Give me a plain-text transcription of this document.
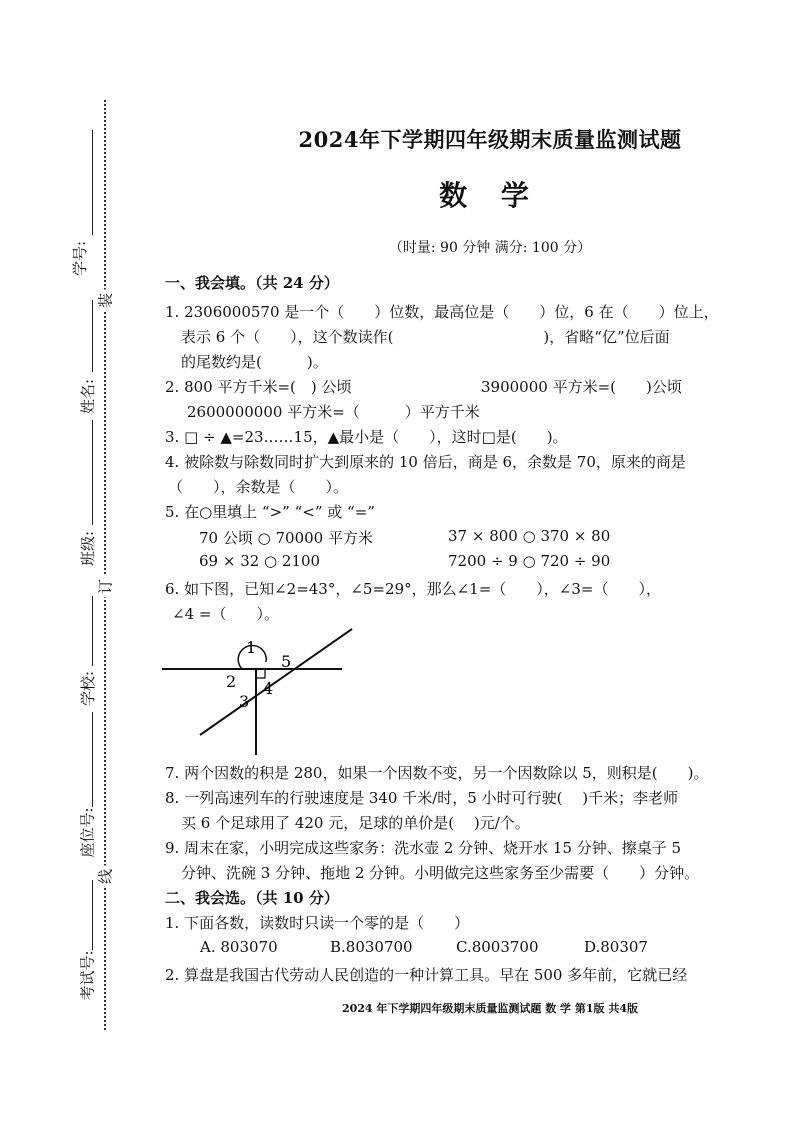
装
订
线
学号:
姓名:
班级:
学校:
座位号:
考试号:
2024年下学期四年级期末质量监测试题
数 学
（时量: 90 分钟 满分: 100 分）
一、我会填。（共 24 分）
1. 2306000570 是一个（　　）位数，最高位是（　　）位，6 在（　　）位上，
表示 6 个（　　），这个数读作(　　　　　　　　　　)，省略“亿”位后面
的尾数约是(　　　)。
2. 800 平方千米=(　) 公顷	3900000 平方米=(　　)公顷
2600000000 平方米=（　　　）平方千米
3. □ ÷ ▲=23……15，▲最小是（　　），这时□是(　　)。
4. 被除数与除数同时扩大到原来的 10 倍后，商是 6，余数是 70，原来的商是
（　　），余数是（　　）。
5. 在○里填上 “>” “<” 或 “=”
70 公顷 ○ 70000 平方米	37 × 800 ○ 370 × 80
69 × 32 ○ 2100	7200 ÷ 9 ○ 720 ÷ 90
6. 如下图，已知∠2=43°，∠5=29°，那么∠1=（　　），∠3=（　　），
∠4 =（　　）。
1
5
2 4
3
7. 两个因数的积是 280，如果一个因数不变，另一个因数除以 5，则积是(　　)。
8. 一列高速列车的行驶速度是 340 千米/时，5 小时可行驶(　 )千米；李老师
买 6 个足球用了 420 元，足球的单价是(　 )元/个。
9. 周末在家，小明完成这些家务：洗水壶 2 分钟、烧开水 15 分钟、擦桌子 5
分钟、洗碗 3 分钟、拖地 2 分钟。小明做完这些家务至少需要（　　）分钟。
二、我会选。（共 10 分）
1. 下面各数，读数时只读一个零的是（　　）
A. 803070	B.8030700	C.8003700	D.80307
2. 算盘是我国古代劳动人民创造的一种计算工具。早在 500 多年前，它就已经
2024 年下学期四年级期末质量监测试题 数 学 第1版 共4版
